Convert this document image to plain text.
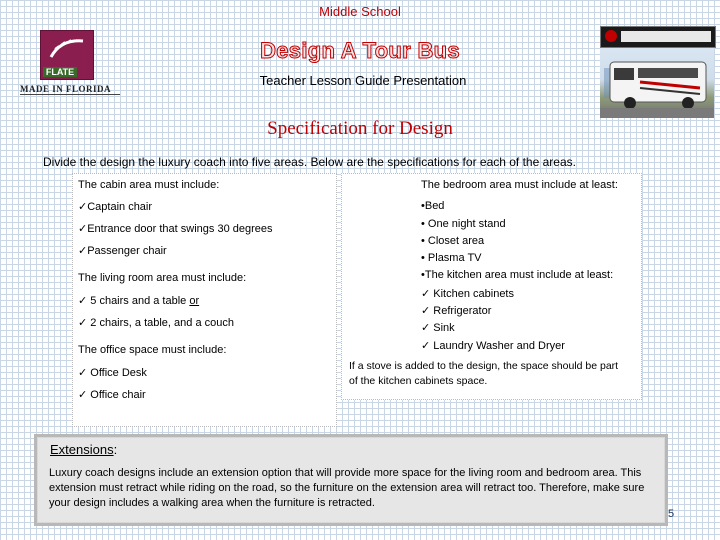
Middle School
FLATE
MADE IN FLORIDA
Design A Tour Bus
Teacher Lesson Guide Presentation
Specification for Design
Divide the design the luxury coach into five areas. Below are the specifications for each of the areas.
The cabin area must include:
✓Captain chair
✓Entrance door that swings 30 degrees
✓Passenger chair
The living room area must include:
✓ 5 chairs and a table or
✓ 2 chairs, a table, and a couch
The office space must include:
✓ Office Desk
✓ Office chair
The bedroom area must include at least:
•Bed
• One night stand
• Closet area
• Plasma TV
•The kitchen area must include at least:
✓ Kitchen cabinets
✓ Refrigerator
✓ Sink
✓ Laundry Washer and Dryer
If a stove is added to the design, the space should be part
of the kitchen cabinets space.
Extensions:
Luxury coach designs include an extension option that will provide more space for the living room and bedroom area. This extension must retract while riding on the road, so the furniture on the extension area will retract too. Therefore, make sure your design includes a walking area when the furniture is retracted.
5
